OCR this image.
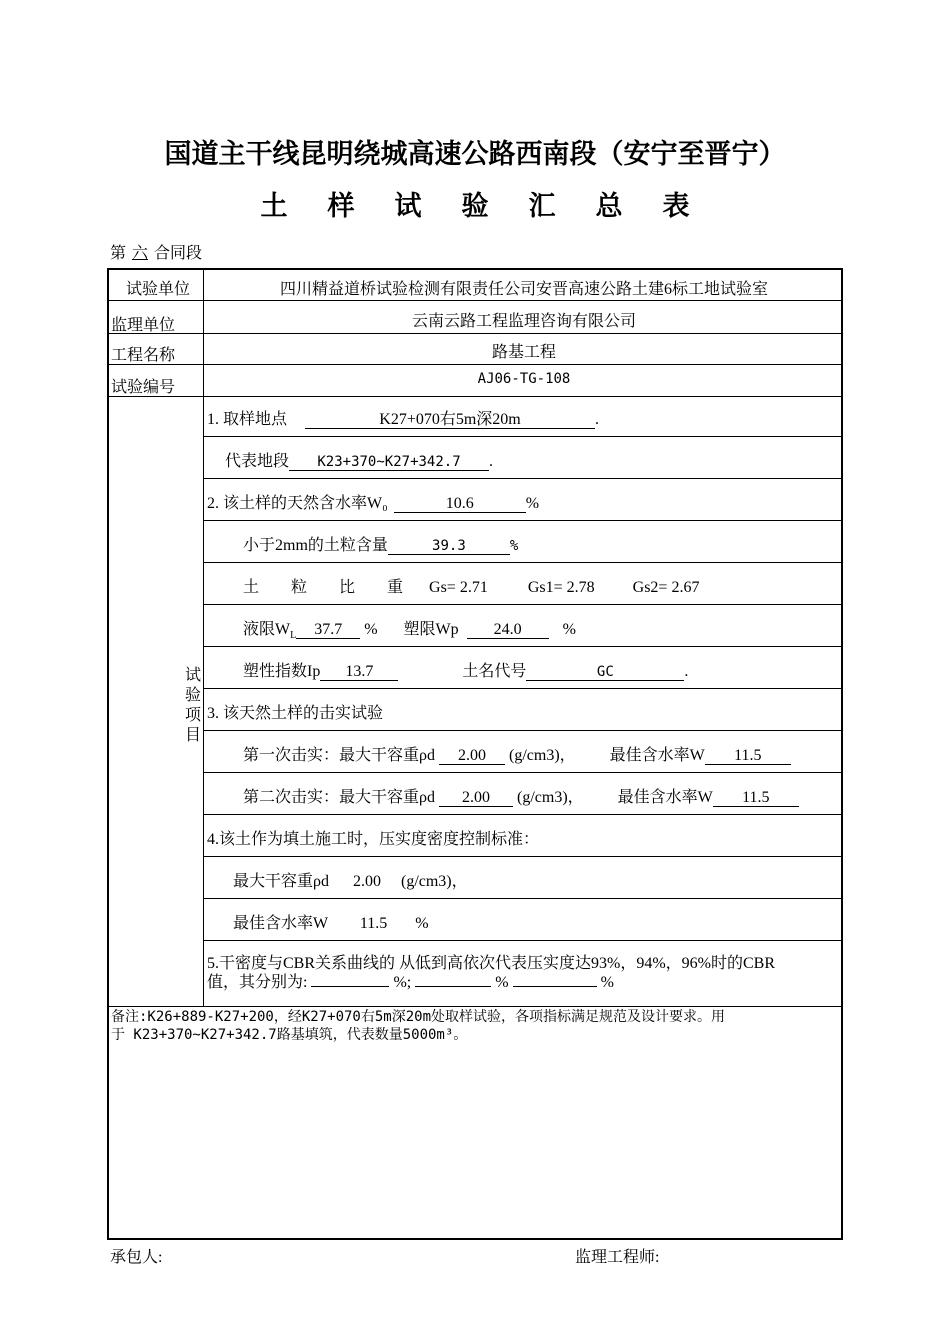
国道主干线昆明绕城高速公路西南段（安宁至晋宁）
土样试验汇总表
第 六 合同段
试验单位	四川精益道桥试验检测有限责任公司安晋高速公路土建6标工地试验室
监理单位	云南云路工程监理咨询有限公司
工程名称	路基工程
试验编号	AJ06-TG-108
试验项目
1. 取样地点	K27+070右5m深20m	.
代表地段 K23+370~K27+342.7 .
2. 该土样的天然含水率W₀	10.6	%
小于2mm的土粒含量	39.3	%
土　　粒　　比　　重 Gs= 2.71	Gs1= 2.78 Gs2= 2.67
液限$W_L$ 37.7 % 塑限Wp 24.0	%
塑性指数Ip 13.7	土名代号	GC	.
3. 该天然土样的击实试验
第一次击实：最大干容重ρd 2.00 (g/cm3)， 最佳含水率W 11.5
第二次击实：最大干容重ρd 2.00 (g/cm3)， 最佳含水率W 11.5
4.该土作为填土施工时，压实度密度控制标准：
最大干容重ρd      2.00     (g/cm3)，
最佳含水率W        11.5       %
5.干密度与CBR关系曲线的 从低到高依次代表压实度达93%，94%，96%时的CBR
值，其分别为:	%;	%	%
备注:K26+889-K27+200，经K27+070右5m深20m处取样试验，各项指标满足规范及设计要求。用
于 K23+370~K27+342.7路基填筑，代表数量5000m³。
承包人:	监理工程师:
